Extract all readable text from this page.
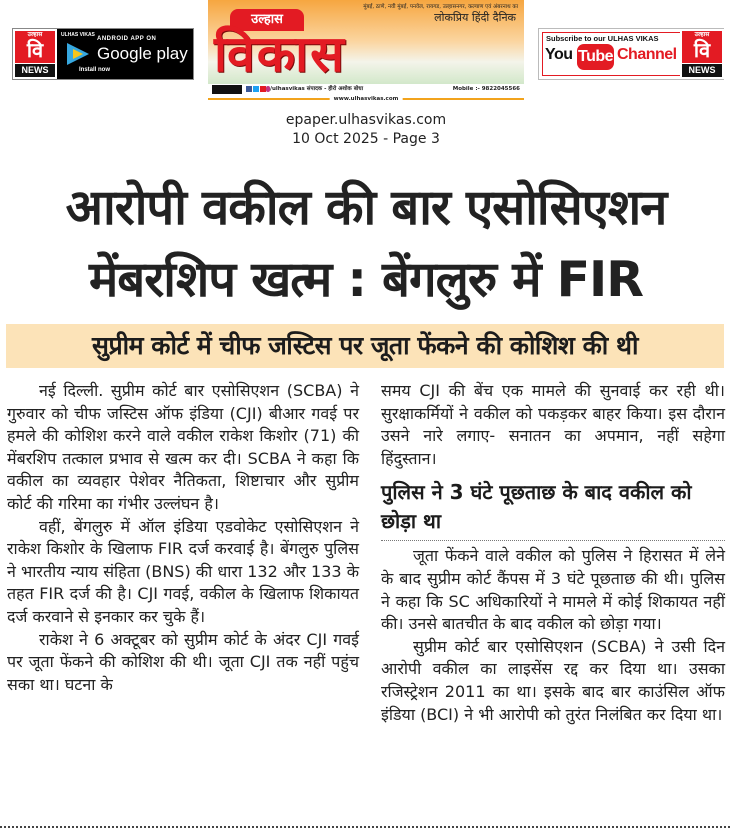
उल्हास
वि
NEWS
ULHAS VIKAS
ANDROID APP ON
Google play
Install now
मुंबई, ठाणे, नवी मुंबई, पनवेल, रायगड, उल्हासनगर, कल्याण एवं अंबरनाथ का
लोकप्रिय हिंदी दैनिक
उल्हास
विकास
/ulhasvikas संपादक - हीरो अशोक बोधा	Mobile :- 9822045566
www.ulhasvikas.com
Subscribe to our ULHAS VIKAS
You Tube Channel
उल्हास
वि
NEWS
epaper.ulhasvikas.com
10 Oct 2025 - Page 3
आरोपी वकील की बार एसोसिएशन
मेंबरशिप खत्म : बेंगलुरु में FIR
सुप्रीम कोर्ट में चीफ जस्टिस पर जूता फेंकने की कोशिश की थी

नई दिल्ली. सुप्रीम कोर्ट बार एसोसिएशन (SCBA) ने गुरुवार को चीफ जस्टिस ऑफ इंडिया (CJI) बीआर गवई पर हमले की कोशिश करने वाले वकील राकेश किशोर (71) की मेंबरशिप तत्काल प्रभाव से खत्म कर दी। SCBA ने कहा कि वकील का व्यवहार पेशेवर नैतिकता, शिष्टाचार और सुप्रीम कोर्ट की गरिमा का गंभीर उल्लंघन है।

वहीं, बेंगलुरु में ऑल इंडिया एडवोकेट एसोसिएशन ने राकेश किशोर के खिलाफ FIR दर्ज करवाई है। बेंगलुरु पुलिस ने भारतीय न्याय संहिता (BNS) की धारा 132 और 133 के तहत FIR दर्ज की है। CJI गवई, वकील के खिलाफ शिकायत दर्ज करवाने से इनकार कर चुके हैं।

राकेश ने 6 अक्टूबर को सुप्रीम कोर्ट के अंदर CJI गवई पर जूता फेंकने की कोशिश की थी। जूता CJI तक नहीं पहुंच सका था। घटना के

समय CJI की बेंच एक मामले की सुनवाई कर रही थी। सुरक्षाकर्मियों ने वकील को पकड़कर बाहर किया। इस दौरान उसने नारे लगाए- सनातन का अपमान, नहीं सहेगा हिंदुस्तान।

पुलिस ने 3 घंटे पूछताछ के बाद वकील को छोड़ा था

जूता फेंकने वाले वकील को पुलिस ने हिरासत में लेने के बाद सुप्रीम कोर्ट कैंपस में 3 घंटे पूछताछ की थी। पुलिस ने कहा कि SC अधिकारियों ने मामले में कोई शिकायत नहीं की। उनसे बातचीत के बाद वकील को छोड़ा गया।

सुप्रीम कोर्ट बार एसोसिएशन (SCBA) ने उसी दिन आरोपी वकील का लाइसेंस रद्द कर दिया था। उसका रजिस्ट्रेशन 2011 का था। इसके बाद बार काउंसिल ऑफ इंडिया (BCI) ने भी आरोपी को तुरंत निलंबित कर दिया था।
